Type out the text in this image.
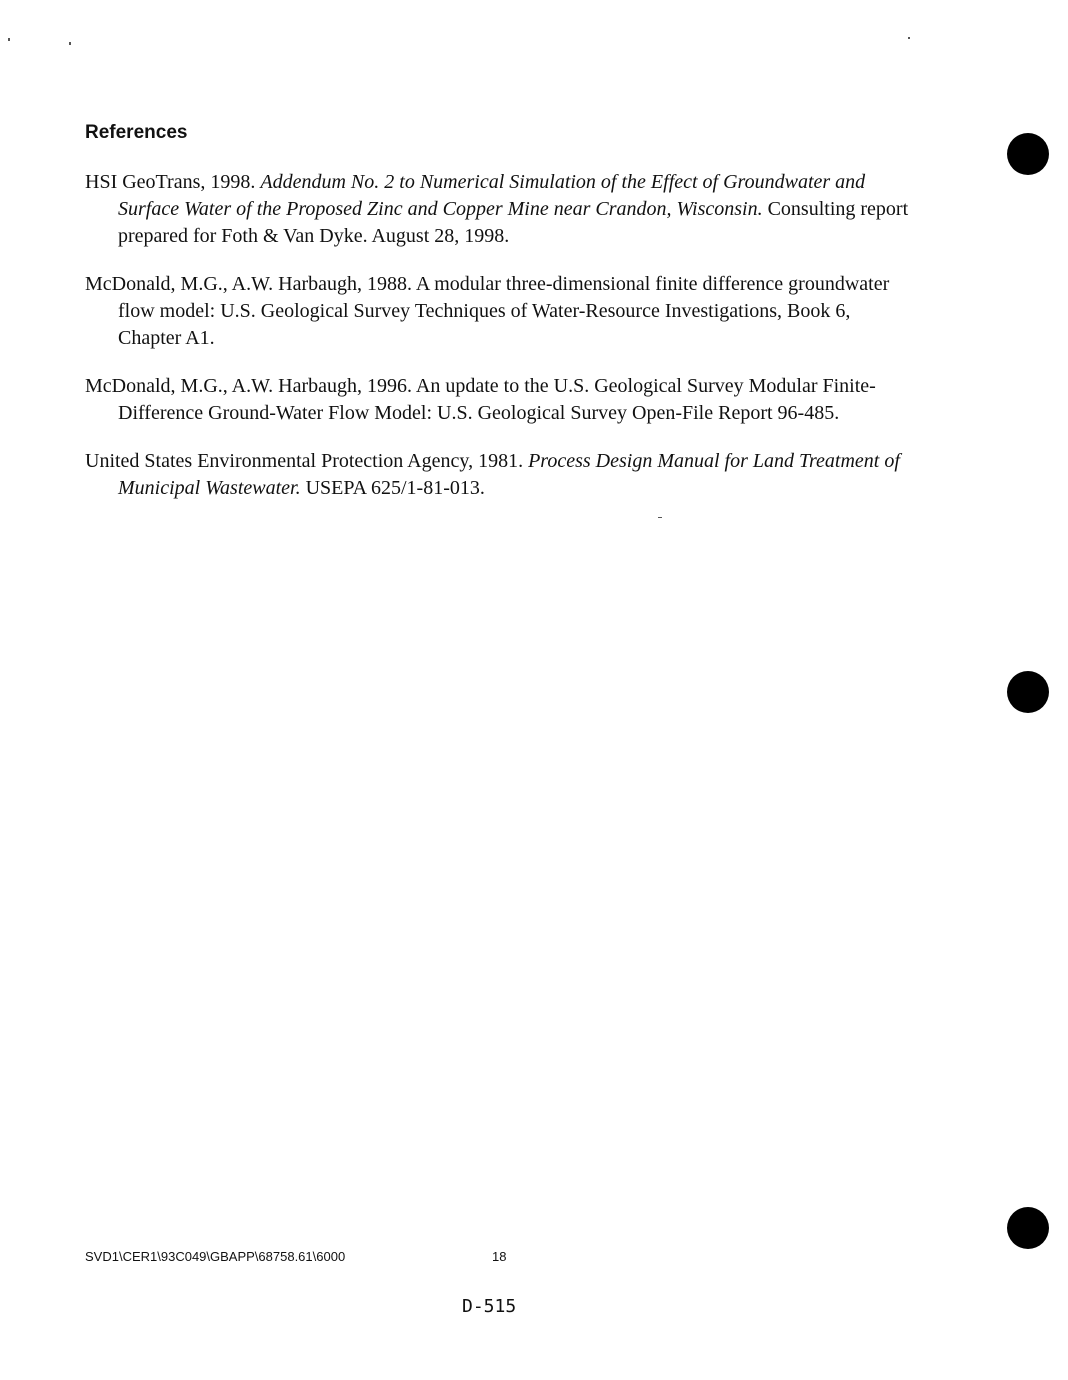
References

HSI GeoTrans, 1998. Addendum No. 2 to Numerical Simulation of the Effect of Groundwater and Surface Water of the Proposed Zinc and Copper Mine near Crandon, Wisconsin. Consulting report prepared for Foth & Van Dyke. August 28, 1998.

McDonald, M.G., A.W. Harbaugh, 1988. A modular three-dimensional finite difference groundwater flow model: U.S. Geological Survey Techniques of Water-Resource Investigations, Book 6, Chapter A1.

McDonald, M.G., A.W. Harbaugh, 1996. An update to the U.S. Geological Survey Modular Finite-Difference Ground-Water Flow Model: U.S. Geological Survey Open-File Report 96-485.

United States Environmental Protection Agency, 1981. Process Design Manual for Land Treatment of Municipal Wastewater. USEPA 625/1-81-013.

SVD1\CER1\93C049\GBAPP\68758.61\6000	18
D-515
